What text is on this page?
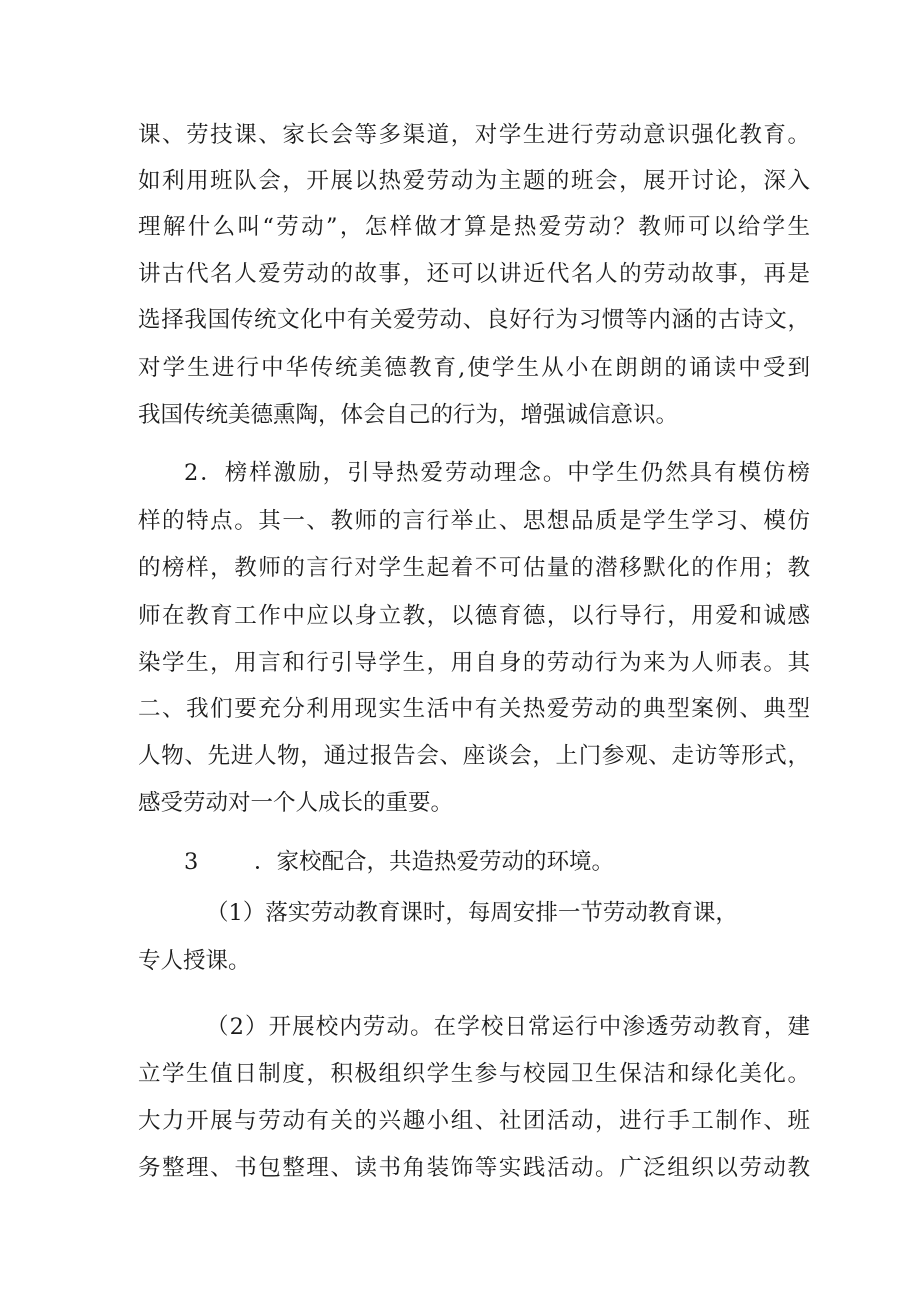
课、劳技课、家长会等多渠道，对学生进行劳动意识强化教育。
如利用班队会，开展以热爱劳动为主题的班会，展开讨论，深入
理解什么叫“劳动”，怎样做才算是热爱劳动？教师可以给学生
讲古代名人爱劳动的故事，还可以讲近代名人的劳动故事，再是
选择我国传统文化中有关爱劳动、良好行为习惯等内涵的古诗文，
对学生进行中华传统美德教育,使学生从小在朗朗的诵读中受到
我国传统美德熏陶，体会自己的行为，增强诚信意识。
2．榜样激励，引导热爱劳动理念。中学生仍然具有模仿榜
样的特点。其一、教师的言行举止、思想品质是学生学习、模仿
的榜样，教师的言行对学生起着不可估量的潜移默化的作用；教
师在教育工作中应以身立教，以德育德，以行导行，用爱和诚感
染学生，用言和行引导学生，用自身的劳动行为来为人师表。其
二、我们要充分利用现实生活中有关热爱劳动的典型案例、典型
人物、先进人物，通过报告会、座谈会，上门参观、走访等形式，
感受劳动对一个人成长的重要。
3 ．家校配合，共造热爱劳动的环境。
（1）落实劳动教育课时，每周安排一节劳动教育课，
专人授课。
（2）开展校内劳动。在学校日常运行中渗透劳动教育，建
立学生值日制度，积极组织学生参与校园卫生保洁和绿化美化。
大力开展与劳动有关的兴趣小组、社团活动，进行手工制作、班
务整理、书包整理、读书角装饰等实践活动。广泛组织以劳动教
